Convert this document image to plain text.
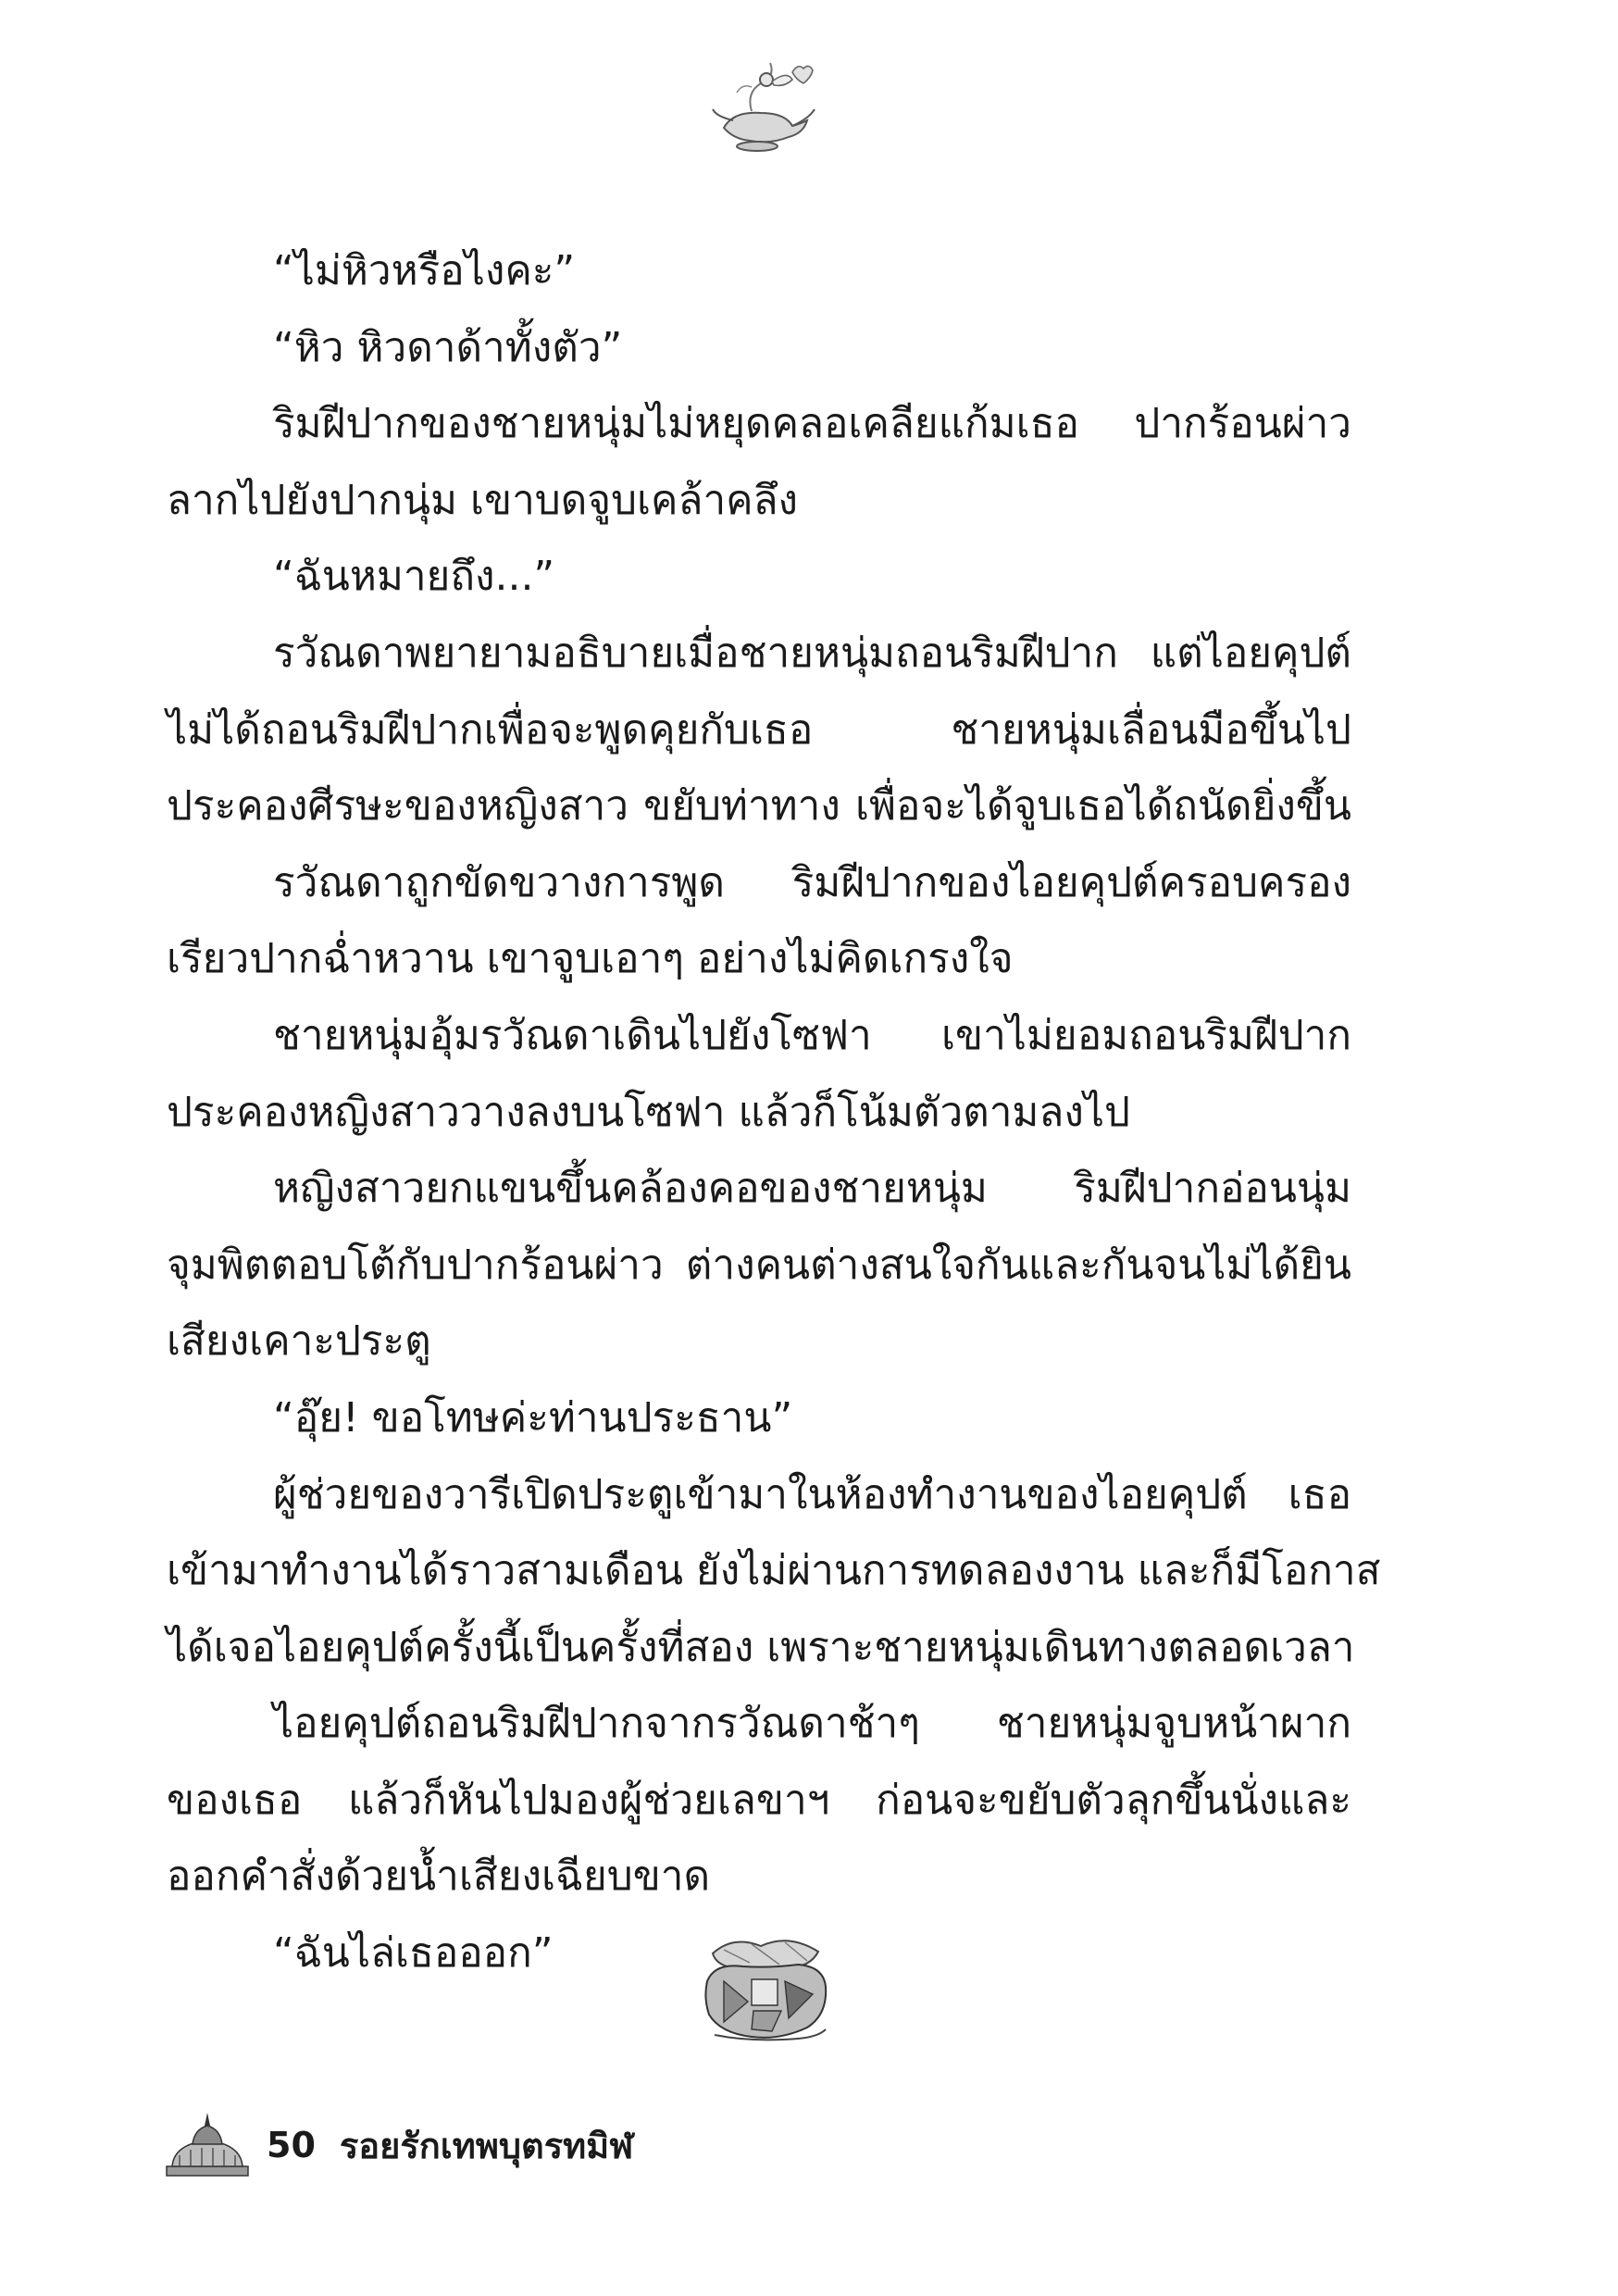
“ไม่หิวหรือไงคะ”
“หิว หิวดาด้าทั้งตัว”
ริมฝีปากของชายหนุ่มไม่หยุดคลอเคลียแก้มเธอ ปากร้อนผ่าว
ลากไปยังปากนุ่ม เขาบดจูบเคล้าคลึง
“ฉันหมายถึง...”
รวัณดาพยายามอธิบายเมื่อชายหนุ่มถอนริมฝีปาก แต่ไอยคุปต์
ไม่ได้ถอนริมฝีปากเพื่อจะพูดคุยกับเธอ ชายหนุ่มเลื่อนมือขึ้นไป
ประคองศีรษะของหญิงสาว ขยับท่าทาง เพื่อจะได้จูบเธอได้ถนัดยิ่งขึ้น
รวัณดาถูกขัดขวางการพูด ริมฝีปากของไอยคุปต์ครอบครอง
เรียวปากฉ่ำหวาน เขาจูบเอาๆ อย่างไม่คิดเกรงใจ
ชายหนุ่มอุ้มรวัณดาเดินไปยังโซฟา เขาไม่ยอมถอนริมฝีปาก
ประคองหญิงสาววางลงบนโซฟา แล้วก็โน้มตัวตามลงไป
หญิงสาวยกแขนขึ้นคล้องคอของชายหนุ่ม ริมฝีปากอ่อนนุ่ม
จุมพิตตอบโต้กับปากร้อนผ่าว ต่างคนต่างสนใจกันและกันจนไม่ได้ยิน
เสียงเคาะประตู
“อุ๊ย! ขอโทษค่ะท่านประธาน”
ผู้ช่วยของวารีเปิดประตูเข้ามาในห้องทำงานของไอยคุปต์ เธอ
เข้ามาทำงานได้ราวสามเดือน ยังไม่ผ่านการทดลองงาน และก็มีโอกาส
ได้เจอไอยคุปต์ครั้งนี้เป็นครั้งที่สอง เพราะชายหนุ่มเดินทางตลอดเวลา
ไอยคุปต์ถอนริมฝีปากจากรวัณดาช้าๆ ชายหนุ่มจูบหน้าผาก
ของเธอ แล้วก็หันไปมองผู้ช่วยเลขาฯ ก่อนจะขยับตัวลุกขึ้นนั่งและ
ออกคำสั่งด้วยน้ำเสียงเฉียบขาด
“ฉันไล่เธอออก”
50 รอยรักเทพบุตรทมิฬ
